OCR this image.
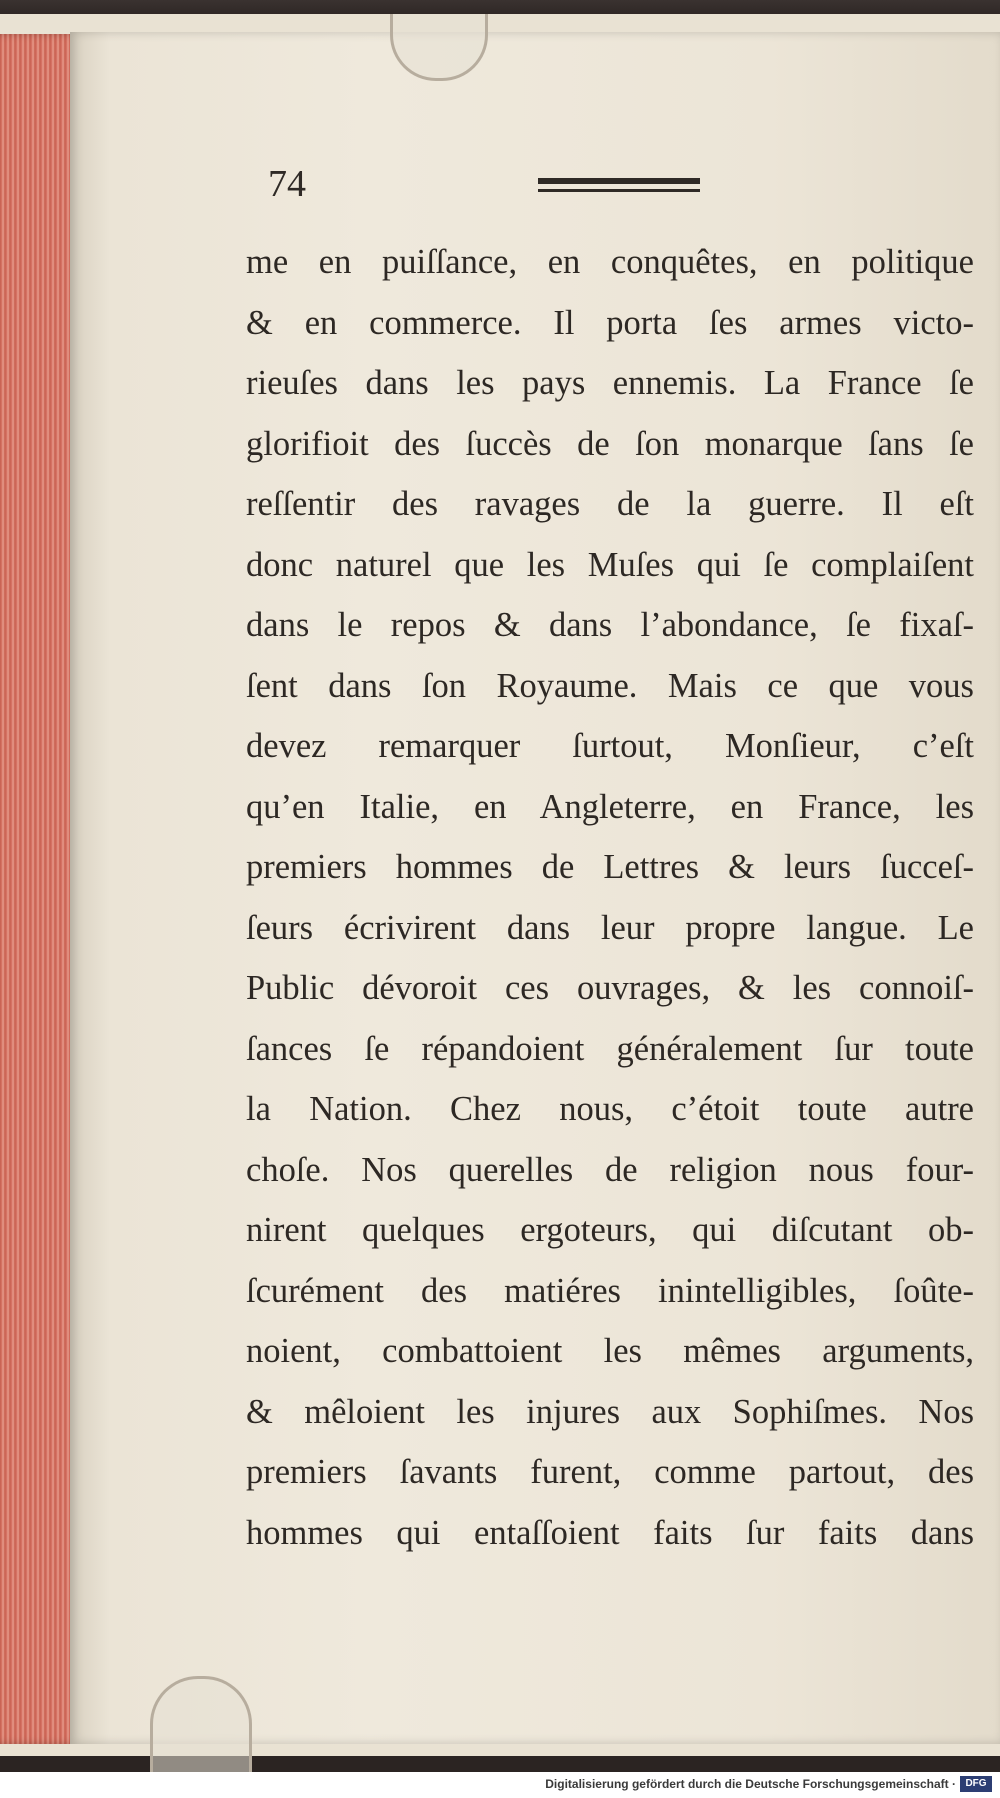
74
me en puiſſance, en conquêtes, en politique
& en commerce. Il porta ſes armes victo-
rieuſes dans les pays ennemis. La France ſe
glorifioit des ſuccès de ſon monarque ſans ſe
reſſentir des ravages de la guerre. Il eſt
donc naturel que les Muſes qui ſe complaiſent
dans le repos & dans l’abondance, ſe fixaſ-
ſent dans ſon Royaume. Mais ce que vous
devez remarquer ſurtout, Monſieur, c’eſt
qu’en Italie, en Angleterre, en France, les
premiers hommes de Lettres & leurs ſucceſ-
ſeurs écrivirent dans leur propre langue. Le
Public dévoroit ces ouvrages, & les connoiſ-
ſances ſe répandoient généralement ſur toute
la Nation. Chez nous, c’étoit toute autre
choſe. Nos querelles de religion nous four-
nirent quelques ergoteurs, qui diſcutant ob-
ſcurément des matiéres inintelligibles, ſoûte-
noient, combattoient les mêmes arguments,
& mêloient les injures aux Sophiſmes. Nos
premiers ſavants furent, comme partout, des
hommes qui entaſſoient faits ſur faits dans
Digitalisierung gefördert durch die Deutsche Forschungsgemeinschaft · DFG
